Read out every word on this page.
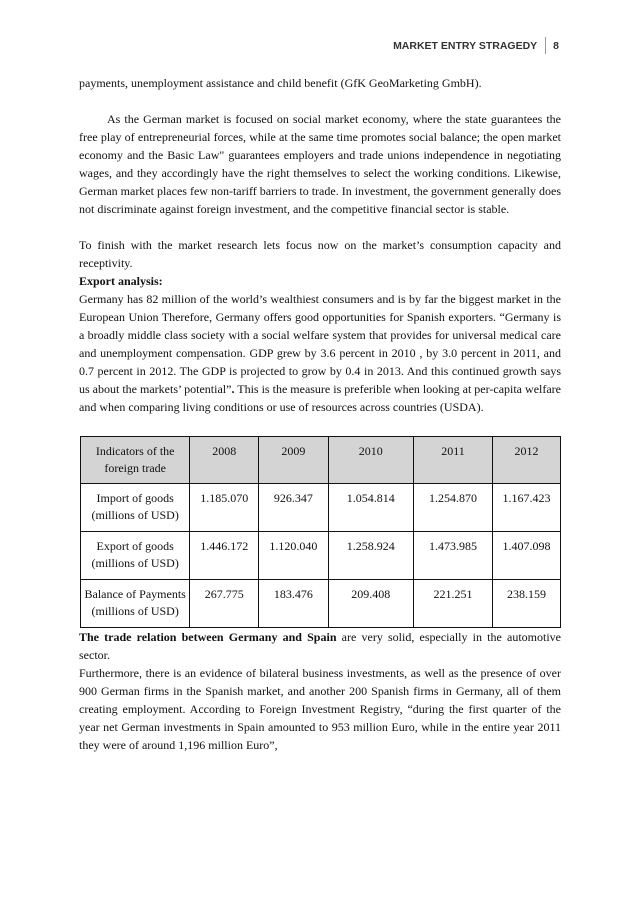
MARKET ENTRY STRAGEDY 8

payments, unemployment assistance and child benefit (GfK GeoMarketing GmbH).

As the German market is focused on social market economy, where the state guarantees the free play of entrepreneurial forces, while at the same time promotes social balance; the open market economy and the Basic Law" guarantees employers and trade unions independence in negotiating wages, and they accordingly have the right themselves to select the working conditions. Likewise, German market places few non-tariff barriers to trade. In investment, the government generally does not discriminate against foreign investment, and the competitive financial sector is stable.

To finish with the market research lets focus now on the market’s consumption capacity and receptivity.

Export analysis:

Germany has 82 million of the world’s wealthiest consumers and is by far the biggest market in the European Union Therefore, Germany offers good opportunities for Spanish exporters. “Germany is a broadly middle class society with a social welfare system that provides for universal medical care and unemployment compensation. GDP grew by 3.6 percent in 2010 , by 3.0 percent in 2011, and 0.7 percent in 2012. The GDP is projected to grow by 0.4 in 2013. And this continued growth says us about the markets’ potential”. This is the measure is preferible when looking at per-capita welfare and when comparing living conditions or use of resources across countries (USDA).

Indicators of the foreign trade	2008	2009	2010	2011	2012
Import of goods (millions of USD)	1.185.070	926.347	1.054.814	1.254.870	1.167.423
Export of goods (millions of USD)	1.446.172	1.120.040	1.258.924	1.473.985	1.407.098
Balance of Payments (millions of USD)	267.775	183.476	209.408	221.251	238.159

The trade relation between Germany and Spain are very solid, especially in the automotive sector.

Furthermore, there is an evidence of bilateral business investments, as well as the presence of over 900 German firms in the Spanish market, and another 200 Spanish firms in Germany, all of them creating employment. According to Foreign Investment Registry, “during the first quarter of the year net German investments in Spain amounted to 953 million Euro, while in the entire year 2011 they were of around 1,196 million Euro”,
